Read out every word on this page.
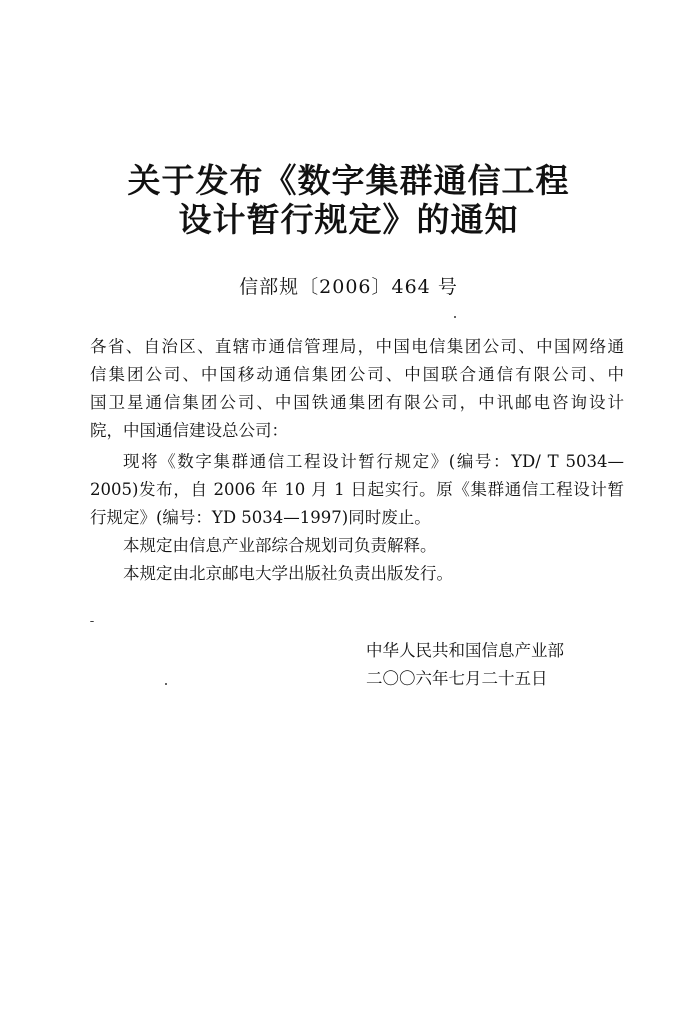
关于发布《数字集群通信工程
设计暂行规定》的通知
信部规〔2006〕464 号
各省、自治区、直辖市通信管理局，中国电信集团公司、中国网络通
信集团公司、中国移动通信集团公司、中国联合通信有限公司、中
国卫星通信集团公司、中国铁通集团有限公司，中讯邮电咨询设计
院，中国通信建设总公司：
现将《数字集群通信工程设计暂行规定》(编号：YD/ T 5034—
2005)发布，自 2006 年 10 月 1 日起实行。原《集群通信工程设计暂
行规定》(编号：YD 5034—1997)同时废止。
本规定由信息产业部综合规划司负责解释。
本规定由北京邮电大学出版社负责出版发行。
中华人民共和国信息产业部
二〇〇六年七月二十五日
